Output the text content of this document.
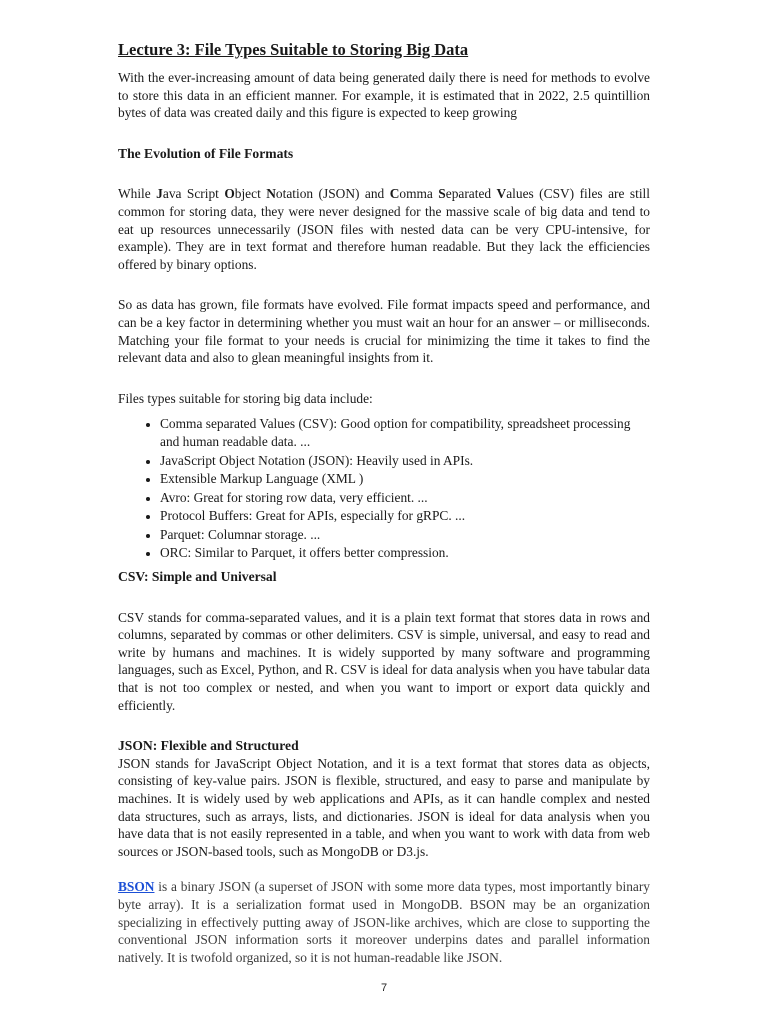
Lecture 3: File Types Suitable to Storing Big Data

With the ever-increasing amount of data being generated daily there is need for methods to evolve to store this data in an efficient manner. For example, it is estimated that in 2022, 2.5 quintillion bytes of data was created daily and this figure is expected to keep growing

The Evolution of File Formats

While Java Script Object Notation (JSON) and Comma Separated Values (CSV) files are still common for storing data, they were never designed for the massive scale of big data and tend to eat up resources unnecessarily (JSON files with nested data can be very CPU-intensive, for example). They are in text format and therefore human readable. But they lack the efficiencies offered by binary options.

So as data has grown, file formats have evolved. File format impacts speed and performance, and can be a key factor in determining whether you must wait an hour for an answer – or milliseconds. Matching your file format to your needs is crucial for minimizing the time it takes to find the relevant data and also to glean meaningful insights from it.

Files types suitable for storing big data include:

• Comma separated Values (CSV): Good option for compatibility, spreadsheet processing and human readable data. ...
• JavaScript Object Notation (JSON): Heavily used in APIs.
• Extensible Markup Language (XML )
• Avro: Great for storing row data, very efficient. ...
• Protocol Buffers: Great for APIs, especially for gRPC. ...
• Parquet: Columnar storage. ...
• ORC: Similar to Parquet, it offers better compression.

CSV: Simple and Universal

CSV stands for comma-separated values, and it is a plain text format that stores data in rows and columns, separated by commas or other delimiters. CSV is simple, universal, and easy to read and write by humans and machines. It is widely supported by many software and programming languages, such as Excel, Python, and R. CSV is ideal for data analysis when you have tabular data that is not too complex or nested, and when you want to import or export data quickly and efficiently.

JSON: Flexible and Structured

JSON stands for JavaScript Object Notation, and it is a text format that stores data as objects, consisting of key-value pairs. JSON is flexible, structured, and easy to parse and manipulate by machines. It is widely used by web applications and APIs, as it can handle complex and nested data structures, such as arrays, lists, and dictionaries. JSON is ideal for data analysis when you have data that is not easily represented in a table, and when you want to work with data from web sources or JSON-based tools, such as MongoDB or D3.js.

BSON is a binary JSON (a superset of JSON with some more data types, most importantly binary byte array). It is a serialization format used in MongoDB. BSON may be an organization specializing in effectively putting away of JSON-like archives, which are close to supporting the conventional JSON information sorts it moreover underpins dates and parallel information natively. It is twofold organized, so it is not human-readable like JSON.

7
